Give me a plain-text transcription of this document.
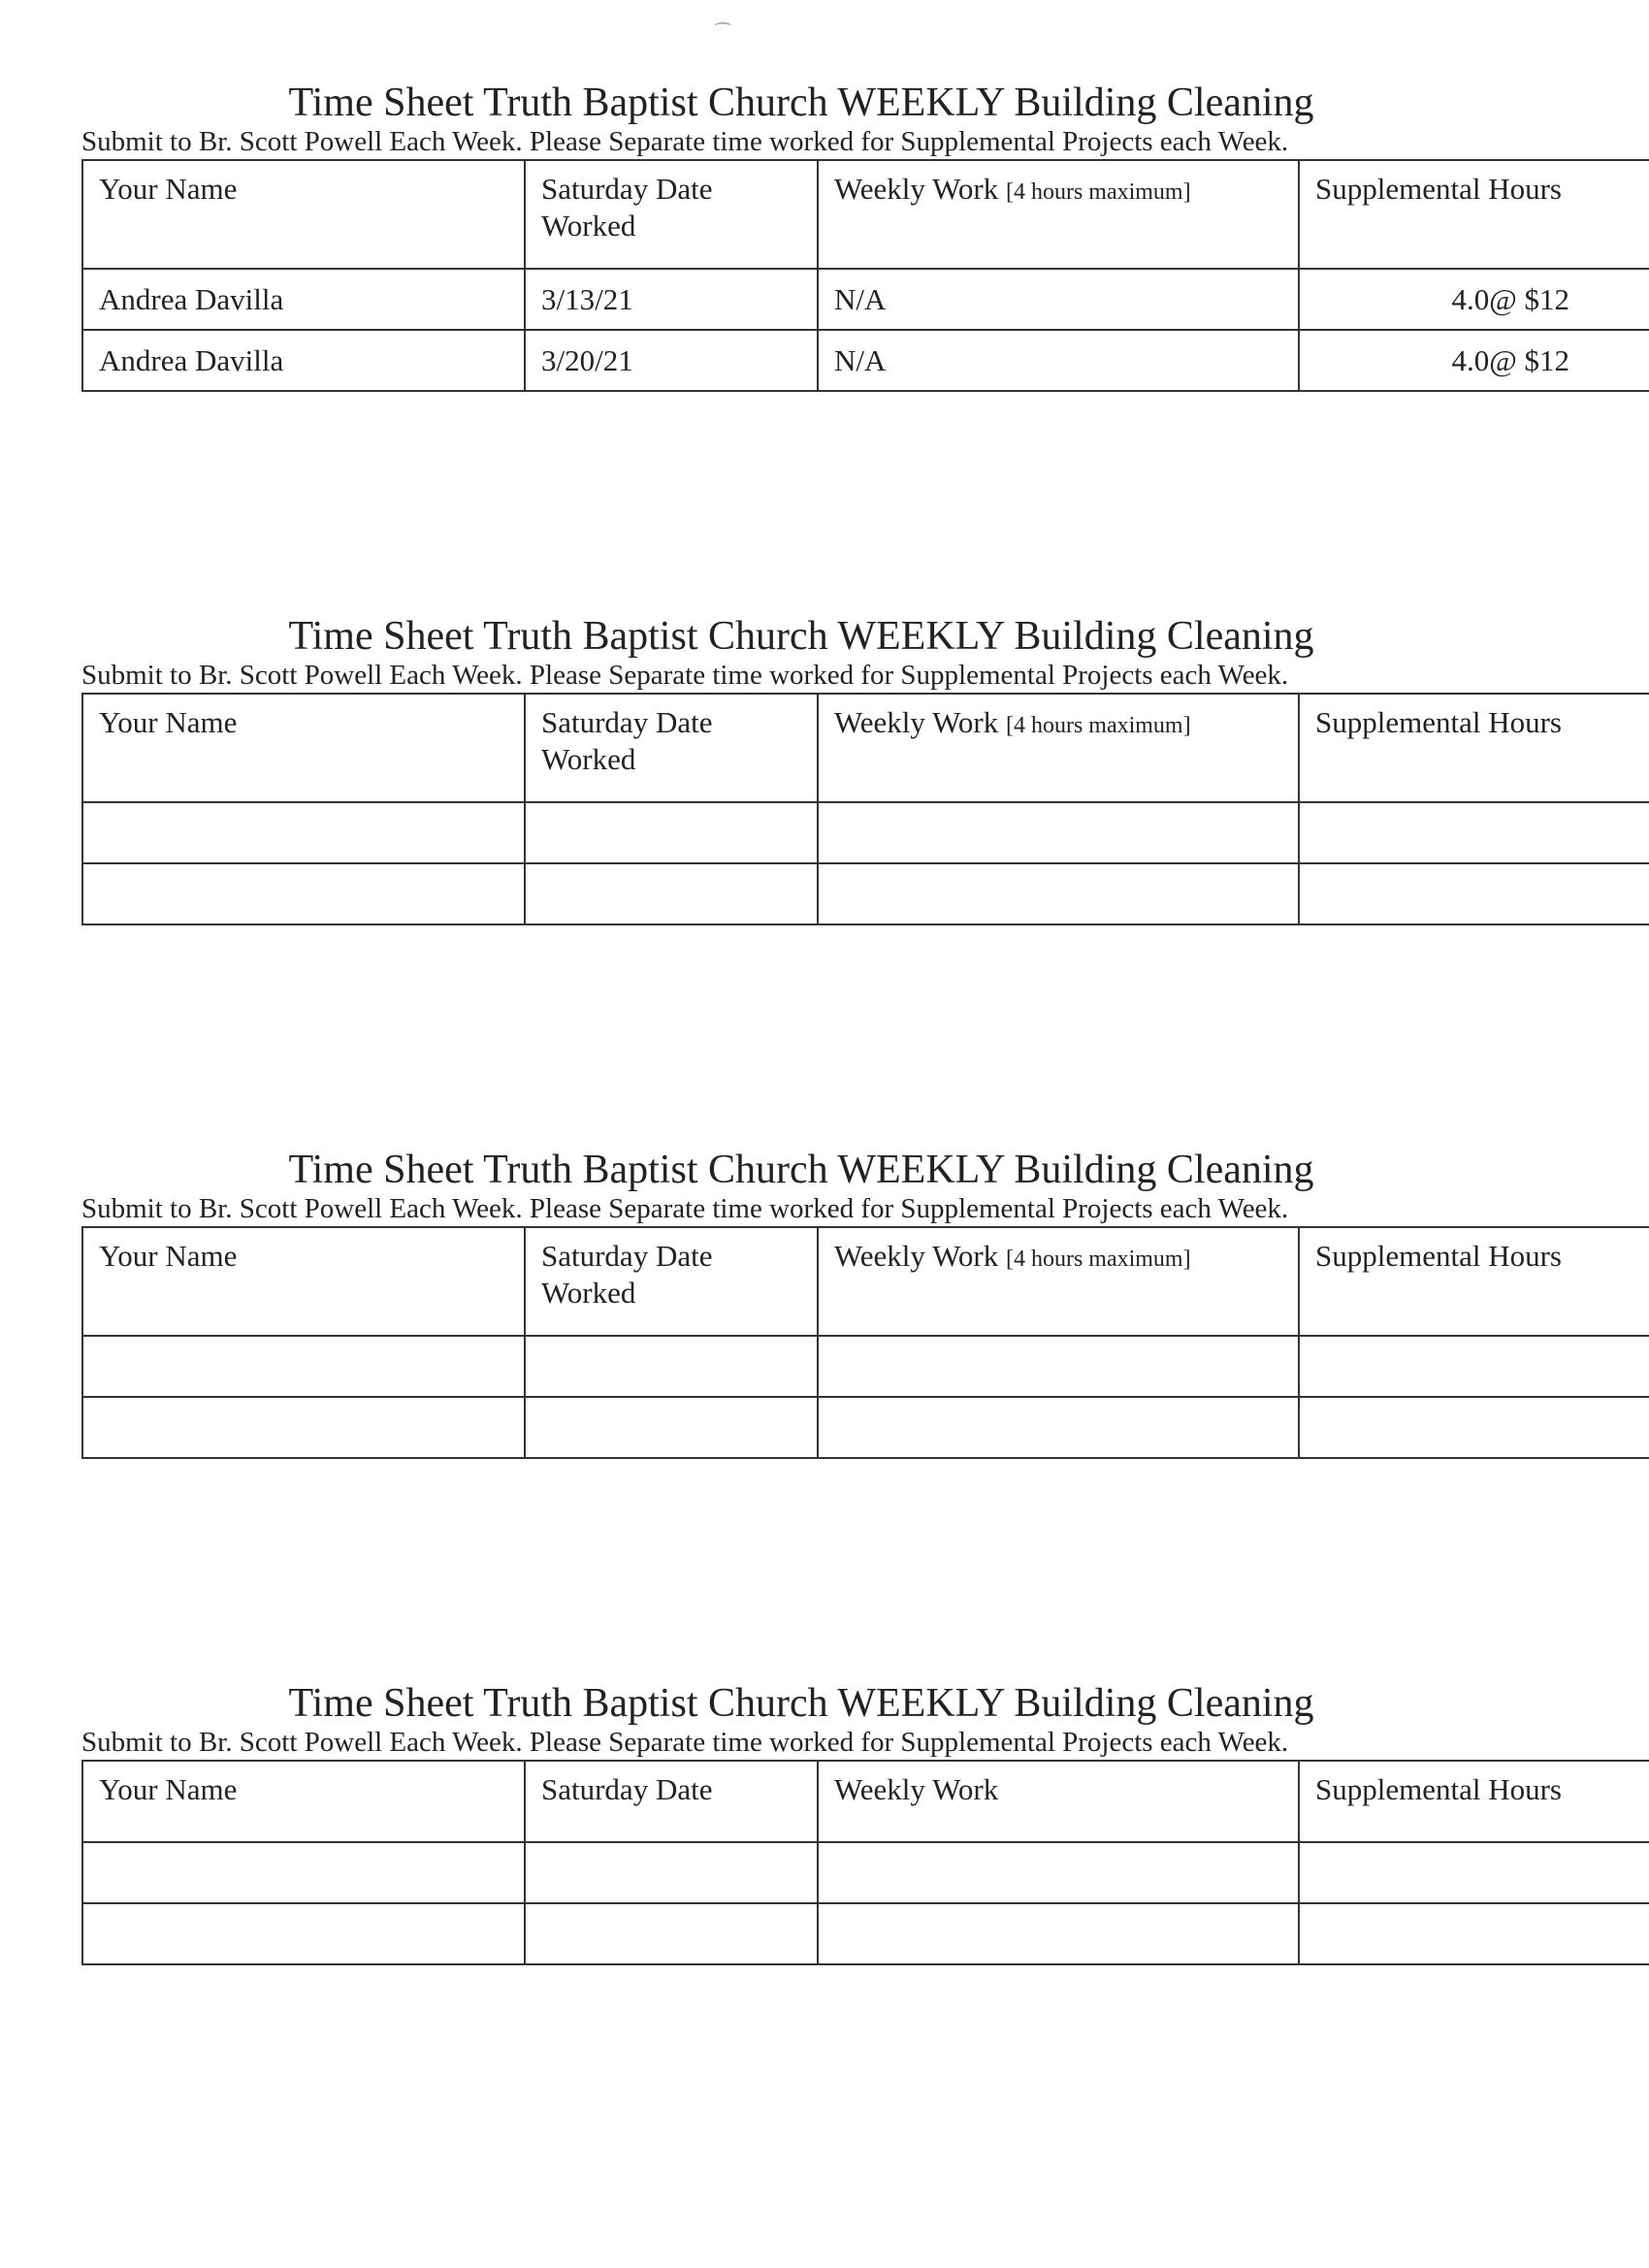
⁔
Time Sheet Truth Baptist Church WEEKLY Building Cleaning
Submit to Br. Scott Powell Each Week. Please Separate time worked for Supplemental Projects each Week.
Your Name	Saturday Date Worked	Weekly Work [4 hours maximum]	Supplemental Hours
Andrea Davilla	3/13/21	N/A	4.0@ $12
Andrea Davilla	3/20/21	N/A	4.0@ $12
Time Sheet Truth Baptist Church WEEKLY Building Cleaning
Submit to Br. Scott Powell Each Week. Please Separate time worked for Supplemental Projects each Week.
Your Name	Saturday Date Worked	Weekly Work [4 hours maximum]	Supplemental Hours

Time Sheet Truth Baptist Church WEEKLY Building Cleaning
Submit to Br. Scott Powell Each Week. Please Separate time worked for Supplemental Projects each Week.
Your Name	Saturday Date Worked	Weekly Work [4 hours maximum]	Supplemental Hours

Time Sheet Truth Baptist Church WEEKLY Building Cleaning
Submit to Br. Scott Powell Each Week. Please Separate time worked for Supplemental Projects each Week.
Your Name	Saturday Date	Weekly Work	Supplemental Hours
